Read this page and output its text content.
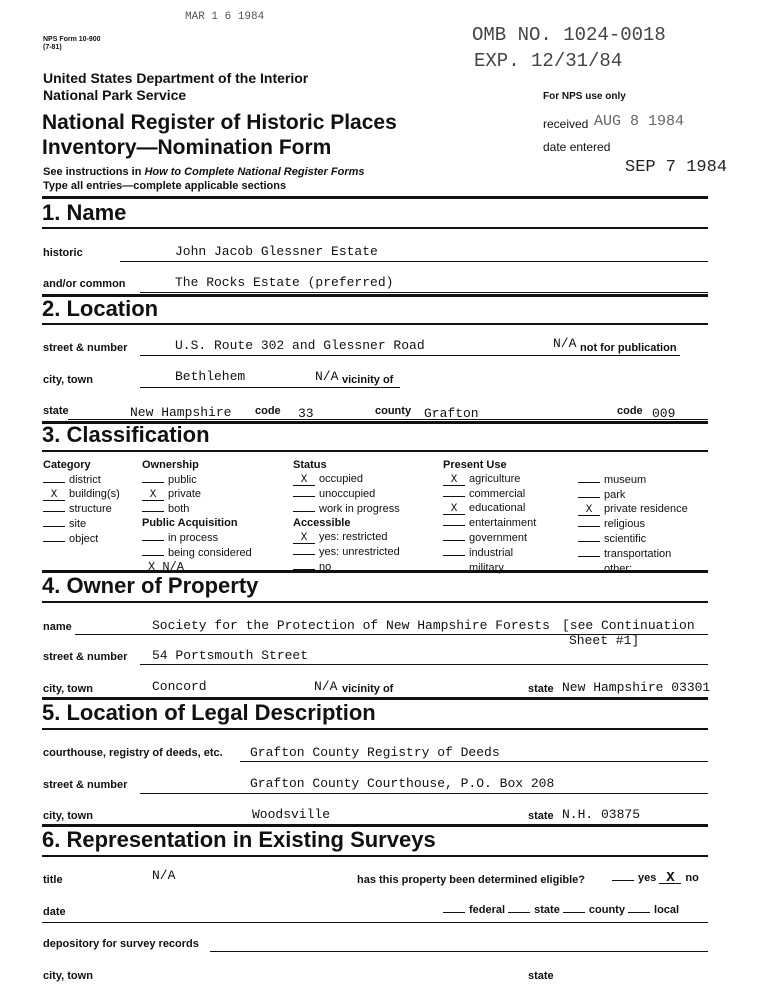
MAR 1 6 1984
OMB NO. 1024-0018
EXP. 12/31/84
NPS Form 10-900
(7-81)
United States Department of the Interior
National Park Service
National Register of Historic Places
Inventory—Nomination Form
See instructions in How to Complete National Register Forms
Type all entries—complete applicable sections
For NPS use only
received AUG 8 1984
date entered
SEP 7 1984
1. Name
historic	John Jacob Glessner Estate
and/or common	The Rocks Estate (preferred)
2. Location
street & number	U.S. Route 302 and Glessner Road	N/A not for publication
city, town	Bethlehem	N/A vicinity of
state	New Hampshire code 33	county Grafton	code 009
3. Classification
Category
district
X building(s)
structure
site
object
Ownership
public
X private
both
Public Acquisition
in process
being considered
X N/A
Status
X occupied
unoccupied
work in progress
Accessible
X yes: restricted
yes: unrestricted
no
Present Use
X agriculture
commercial
X educational
entertainment
government
industrial
military
museum
park
X private residence
religious
scientific
transportation
other:
4. Owner of Property
name	Society for the Protection of New Hampshire Forests [see Continuation
Sheet #1]
street & number 54 Portsmouth Street
city, town	Concord	N/A vicinity of	state New Hampshire 03301
5. Location of Legal Description
courthouse, registry of deeds, etc. Grafton County Registry of Deeds
street & number	Grafton County Courthouse, P.O. Box 208
city, town	Woodsville	state N.H. 03875
6. Representation in Existing Surveys
title	N/A	has this property been determined eligible?	yes X no
date	federal	state	county	local
depository for survey records
city, town	state
